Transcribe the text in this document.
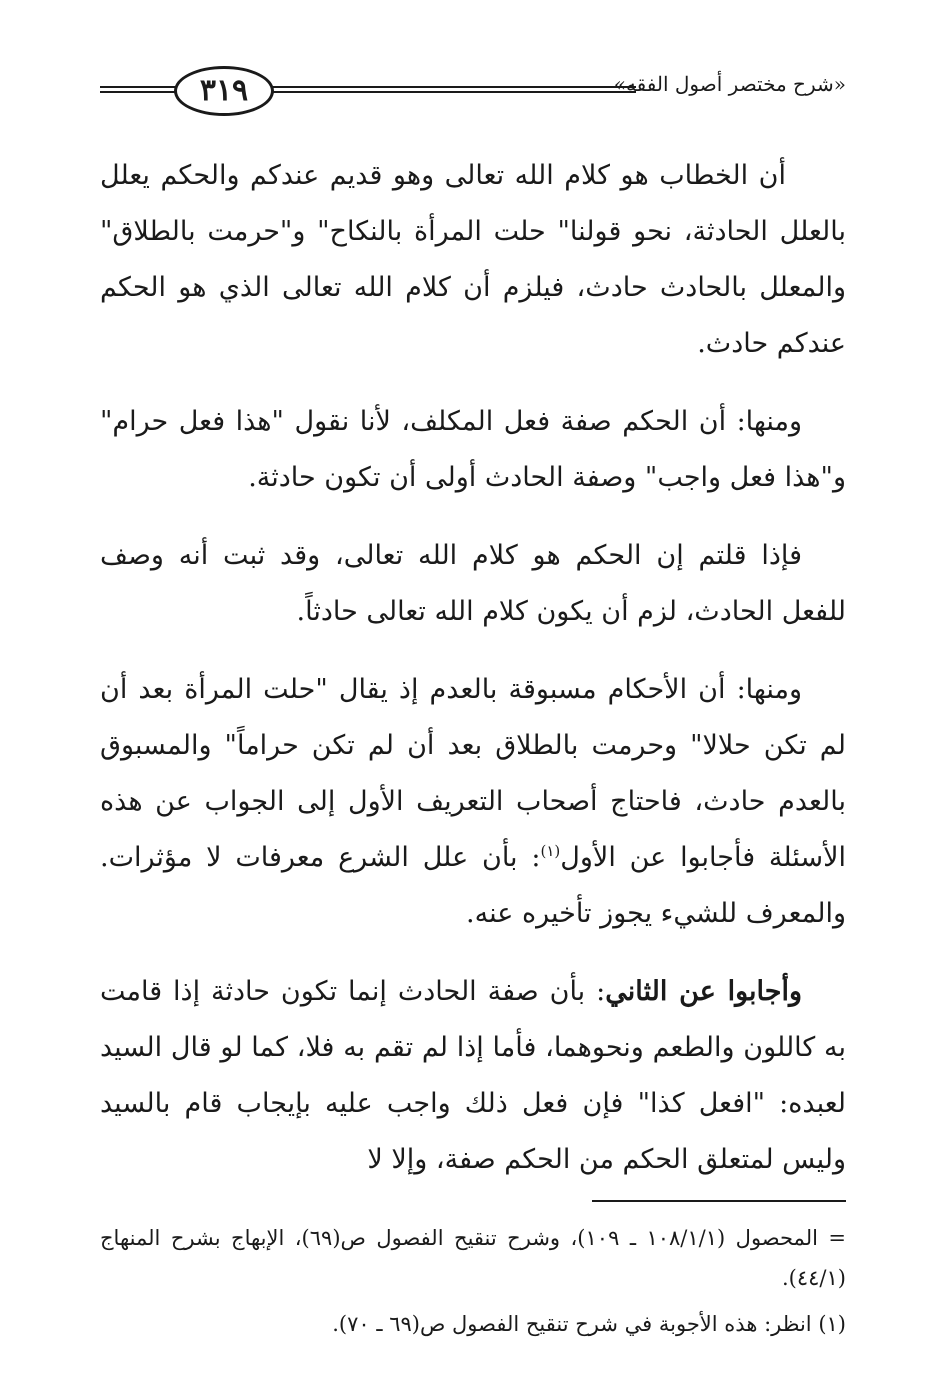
٣١٩	«شرح مختصر أصول الفقه»

أن الخطاب هو كلام الله تعالى وهو قديم عندكم والحكم يعلل بالعلل الحادثة، نحو قولنا" حلت المرأة بالنكاح" و"حرمت بالطلاق" والمعلل بالحادث حادث، فيلزم أن كلام الله تعالى الذي هو الحكم عندكم حادث.

ومنها: أن الحكم صفة فعل المكلف، لأنا نقول "هذا فعل حرام" و"هذا فعل واجب" وصفة الحادث أولى أن تكون حادثة.

فإذا قلتم إن الحكم هو كلام الله تعالى، وقد ثبت أنه وصف للفعل الحادث، لزم أن يكون كلام الله تعالى حادثاً.

ومنها: أن الأحكام مسبوقة بالعدم إذ يقال "حلت المرأة بعد أن لم تكن حلالا" وحرمت بالطلاق بعد أن لم تكن حراماً" والمسبوق بالعدم حادث، فاحتاج أصحاب التعريف الأول إلى الجواب عن هذه الأسئلة فأجابوا عن الأول$^{(١)}$: بأن علل الشرع معرفات لا مؤثرات. والمعرف للشيء يجوز تأخيره عنه.

وأجابوا عن الثاني: بأن صفة الحادث إنما تكون حادثة إذا قامت به كاللون والطعم ونحوهما، فأما إذا لم تقم به فلا، كما لو قال السيد لعبده: "افعل كذا" فإن فعل ذلك واجب عليه بإيجاب قام بالسيد وليس لمتعلق الحكم من الحكم صفة، وإلا لا

= المحصول (١٠٨/١/١ ـ ١٠٩)، وشرح تنقيح الفصول ص(٦٩)، الإبهاج بشرح المنهاج (٤٤/١).

(١) انظر: هذه الأجوبة في شرح تنقيح الفصول ص(٦٩ ـ ٧٠).
